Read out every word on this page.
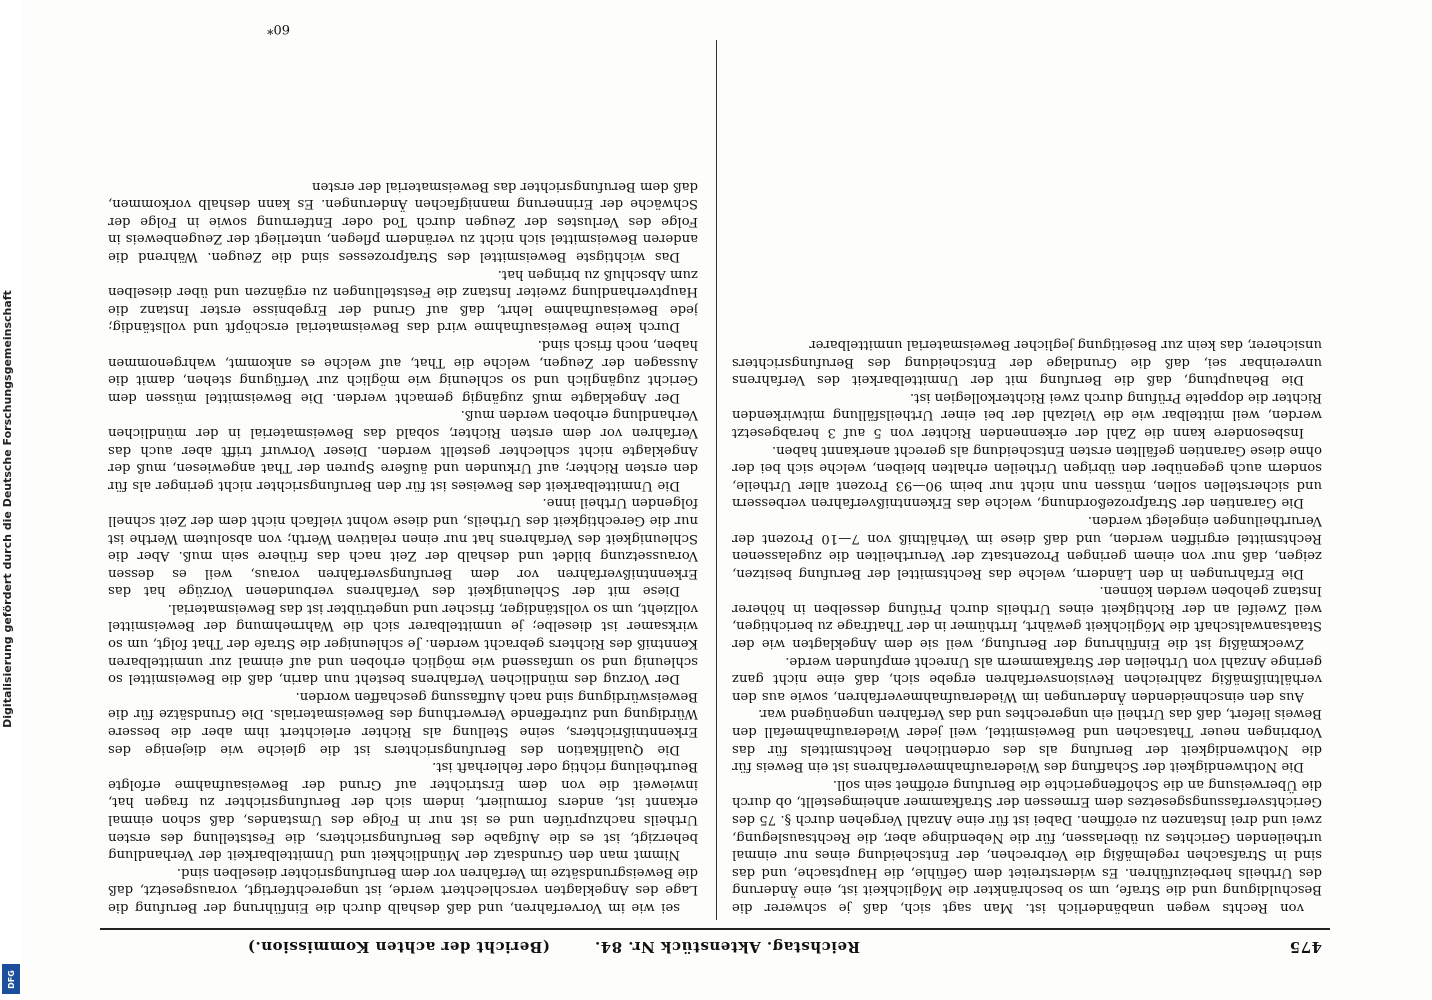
475
Reichstag. Aktenstück Nr. 84.
(Bericht der achten Kommission.)

von Rechts wegen unabänderlich ist. Man sagt sich, daß je schwerer die Beschuldigung und die Strafe, um so beschränkter die Möglichkeit ist, eine Änderung des Urtheils herbeizuführen. Es widerstreitet dem Gefühle, die Hauptsache, und das sind in Strafsachen regelmäßig die Verbrechen, der Entscheidung eines nur einmal urtheilenden Gerichtes zu überlassen, für die Nebendinge aber, die Rechtsauslegung, zwei und drei Instanzen zu eröffnen. Dabei ist für eine Anzahl Vergehen durch §. 75 des Gerichtsverfassungsgesetzes dem Ermessen der Strafkammer anheimgestellt, ob durch die Überweisung an die Schöffengerichte die Berufung eröffnet sein soll.

Die Nothwendigkeit der Schaffung des Wiederaufnahmeverfahrens ist ein Beweis für die Nothwendigkeit der Berufung als des ordentlichen Rechtsmittels für das Vorbringen neuer Thatsachen und Beweismittel, weil jeder Wiederaufnahmefall den Beweis liefert, daß das Urtheil ein ungerechtes und das Verfahren ungenügend war.

Aus den einschneidenden Änderungen im Wiederaufnahmeverfahren, sowie aus den verhältnißmäßig zahlreichen Revisionsverfahren ergebe sich, daß eine nicht ganz geringe Anzahl von Urtheilen der Strafkammern als Unrecht empfunden werde.

Zweckmäßig ist die Einführung der Berufung, weil sie dem Angeklagten wie der Staatsanwaltschaft die Möglichkeit gewährt, Irrthümer in der Thatfrage zu berichtigen, weil Zweifel an der Richtigkeit eines Urtheils durch Prüfung desselben in höherer Instanz gehoben werden können.

Die Erfahrungen in den Ländern, welche das Rechtsmittel der Berufung besitzen, zeigen, daß nur von einem geringen Prozentsatz der Verurtheilten die zugelassenen Rechtsmittel ergriffen werden, und daß diese im Verhältniß von 7—10 Prozent der Verurtheilungen eingelegt werden.

Die Garantien der Strafprozeßordnung, welche das Erkenntnißverfahren verbessern und sicherstellen sollen, müssen nun nicht nur beim 90—93 Prozent aller Urtheile, sondern auch gegenüber den übrigen Urtheilen erhalten bleiben, welche sich bei der ohne diese Garantien gefällten ersten Entscheidung als gerecht anerkannt haben.

Insbesondere kann die Zahl der erkennenden Richter von 5 auf 3 herabgesetzt werden, weil mittelbar wie die Vielzahl der bei einer Urtheilsfällung mitwirkenden Richter die doppelte Prüfung durch zwei Richterkollegien ist.

Die Behauptung, daß die Berufung mit der Unmittelbarkeit des Verfahrens unvereinbar sei, daß die Grundlage der Entscheidung des Berufungsrichters unsicherer, das kein zur Beseitigung jeglicher Beweismaterial unmittelbarer

sei wie im Vorverfahren, und daß deshalb durch die Einführung der Berufung die Lage des Angeklagten verschlechtert werde, ist ungerechtfertigt, vorausgesetzt, daß die Beweisgrundsätze im Verfahren vor dem Berufungsrichter dieselben sind.

Nimmt man den Grundsatz der Mündlichkeit und Unmittelbarkeit der Verhandlung beherzigt, ist es die Aufgabe des Berufungsrichters, die Feststellung des ersten Urtheils nachzuprüfen und es ist nur in Folge des Umstandes, daß schon einmal erkannt ist, anders formuliert, indem sich der Berufungsrichter zu fragen hat, inwieweit die von dem Erstrichter auf Grund der Beweisaufnahme erfolgte Beurtheilung richtig oder fehlerhaft ist.

Die Qualifikation des Berufungsrichters ist die gleiche wie diejenige des Erkenntnißrichters, seine Stellung als Richter erleichtert ihm aber die bessere Würdigung und zutreffende Verwerthung des Beweismaterials. Die Grundsätze für die Beweiswürdigung sind nach Auffassung geschaffen worden.

Der Vorzug des mündlichen Verfahrens besteht nun darin, daß die Beweismittel so schleunig und so umfassend wie möglich erhoben und auf einmal zur unmittelbaren Kenntniß des Richters gebracht werden. Je schleuniger die Strafe der That folgt, um so wirksamer ist dieselbe; je unmittelbarer sich die Wahrnehmung der Beweismittel vollzieht, um so vollständiger, frischer und ungetrübter ist das Beweismaterial.

Diese mit der Schleunigkeit des Verfahrens verbundenen Vorzüge hat das Erkenntnißverfahren vor dem Berufungsverfahren voraus, weil es dessen Voraussetzung bildet und deshalb der Zeit nach das frühere sein muß. Aber die Schleunigkeit des Verfahrens hat nur einen relativen Werth; von absolutem Werthe ist nur die Gerechtigkeit des Urtheils, und diese wohnt vielfach nicht dem der Zeit schnell folgenden Urtheil inne.

Die Unmittelbarkeit des Beweises ist für den Berufungsrichter nicht geringer als für den ersten Richter; auf Urkunden und äußere Spuren der That angewiesen, muß der Angeklagte nicht schlechter gestellt werden. Dieser Vorwurf trifft aber auch das Verfahren vor dem ersten Richter, sobald das Beweismaterial in der mündlichen Verhandlung erhoben werden muß.

Der Angeklagte muß zugängig gemacht werden. Die Beweismittel müssen dem Gericht zugänglich und so schleunig wie möglich zur Verfügung stehen, damit die Aussagen der Zeugen, welche die That, auf welche es ankommt, wahrgenommen haben, noch frisch sind.

Durch keine Beweisaufnahme wird das Beweismaterial erschöpft und vollständig; jede Beweisaufnahme lehrt, daß auf Grund der Ergebnisse erster Instanz die Hauptverhandlung zweiter Instanz die Feststellungen zu ergänzen und über dieselben zum Abschluß zu bringen hat.

Das wichtigste Beweismittel des Strafprozesses sind die Zeugen. Während die anderen Beweismittel sich nicht zu verändern pflegen, unterliegt der Zeugenbeweis in Folge des Verlustes der Zeugen durch Tod oder Entfernung sowie in Folge der Schwäche der Erinnerung mannigfachen Änderungen. Es kann deshalb vorkommen, daß dem Berufungsrichter das Beweismaterial der ersten

60*
Digitalisierung gefördert durch die Deutsche Forschungsgemeinschaft
DFG
